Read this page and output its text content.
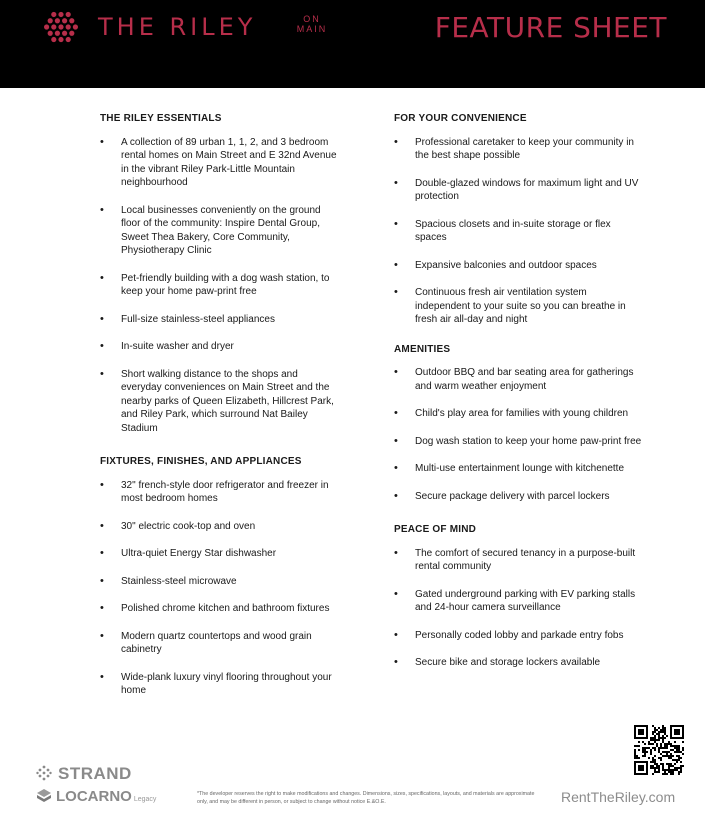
THE RILEY	ON
MAIN	FEATURE SHEET
THE RILEY ESSENTIALS
• A collection of 89 urban 1, 1, 2, and 3 bedroom rental homes on Main Street and E 32nd Avenue in the vibrant Riley Park-Little Mountain neighbourhood
• Local businesses conveniently on the ground floor of the community: Inspire Dental Group, Sweet Thea Bakery, Core Community, Physiotherapy Clinic
• Pet-friendly building with a dog wash station, to keep your home paw-print free
• Full-size stainless-steel appliances
• In-suite washer and dryer
• Short walking distance to the shops and everyday conveniences on Main Street and the nearby parks of Queen Elizabeth, Hillcrest Park, and Riley Park, which surround Nat Bailey Stadium
FIXTURES, FINISHES, AND APPLIANCES
• 32" french-style door refrigerator and freezer in most bedroom homes
• 30" electric cook-top and oven
• Ultra-quiet Energy Star dishwasher
• Stainless-steel microwave
• Polished chrome kitchen and bathroom fixtures
• Modern quartz countertops and wood grain cabinetry
• Wide-plank luxury vinyl flooring throughout your home
FOR YOUR CONVENIENCE
• Professional caretaker to keep your community in the best shape possible
• Double-glazed windows for maximum light and UV protection
• Spacious closets and in-suite storage or flex spaces
• Expansive balconies and outdoor spaces
• Continuous fresh air ventilation system independent to your suite so you can breathe in fresh air all-day and night
AMENITIES
• Outdoor BBQ and bar seating area for gatherings and warm weather enjoyment
• Child's play area for families with young children
• Dog wash station to keep your home paw-print free
• Multi-use entertainment lounge with kitchenette
• Secure package delivery with parcel lockers
PEACE OF MIND
• The comfort of secured tenancy in a purpose-built rental community
• Gated underground parking with EV parking stalls and 24-hour camera surveillance
• Personally coded lobby and parkade entry fobs
• Secure bike and storage lockers available
STRAND
LOCARNO Legacy
*The developer reserves the right to make modifications and changes. Dimensions, sizes, specifications, layouts, and materials are approximate only, and may be different in person, or subject to change without notice E.&O.E.	RentTheRiley.com
